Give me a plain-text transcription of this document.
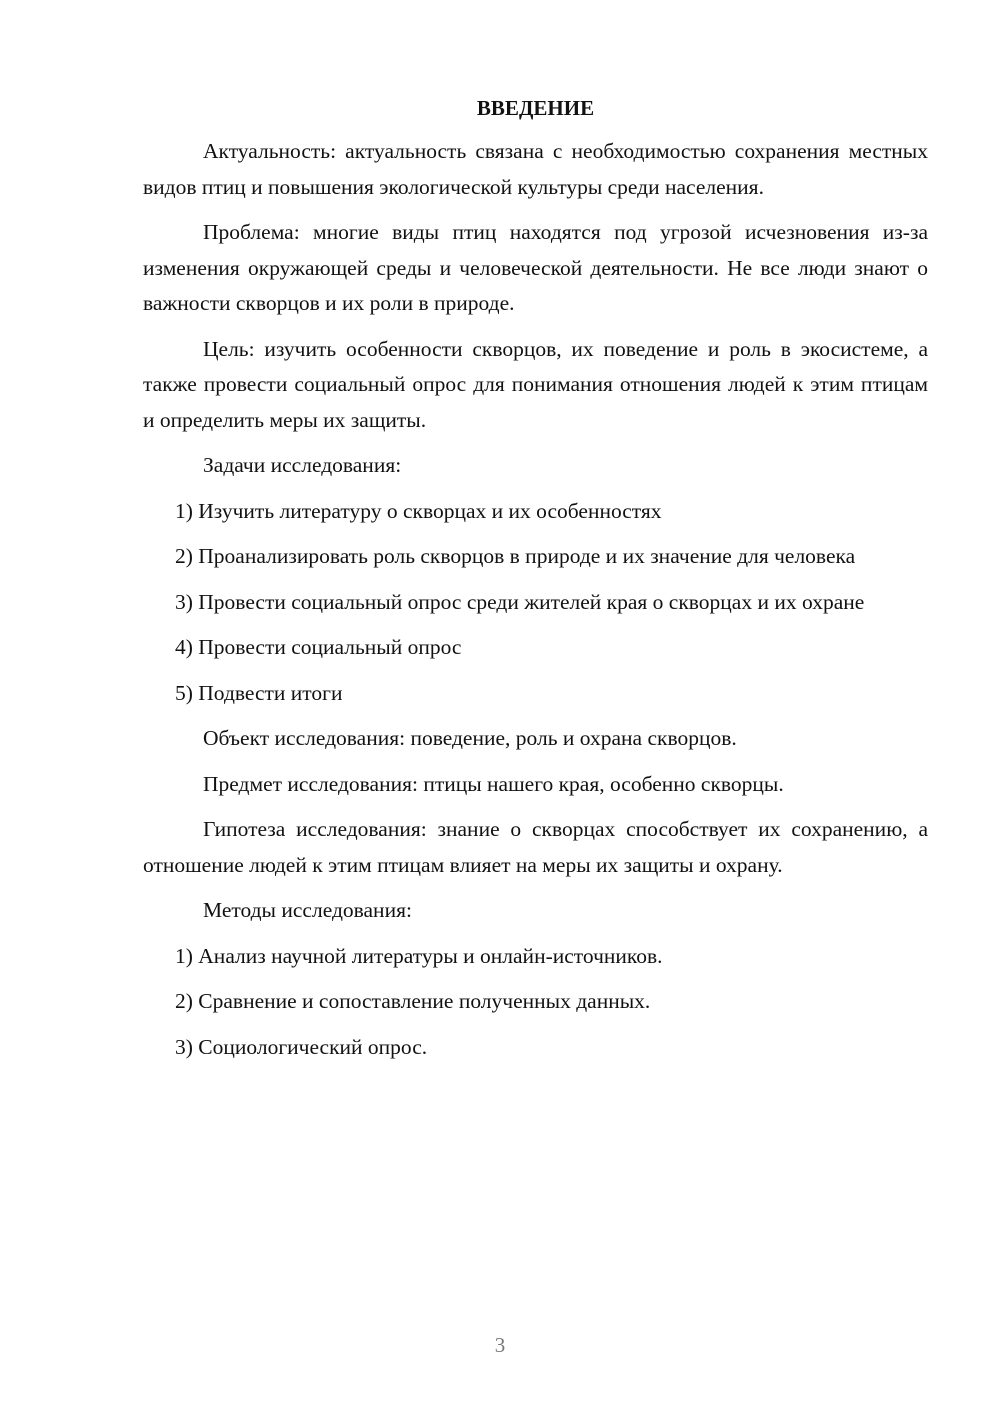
ВВЕДЕНИЕ

Актуальность: актуальность связана с необходимостью сохранения местных видов птиц и повышения экологической культуры среди населения.

Проблема: многие виды птиц находятся под угрозой исчезновения из-за изменения окружающей среды и человеческой деятельности. Не все люди знают о важности скворцов и их роли в природе.

Цель: изучить особенности скворцов, их поведение и роль в экосистеме, а также провести социальный опрос для понимания отношения людей к этим птицам и определить меры их защиты.

Задачи исследования:

1) Изучить литературу о скворцах и их особенностях

2) Проанализировать роль скворцов в природе и их значение для человека

3) Провести социальный опрос среди жителей края о скворцах и их охране

4) Провести социальный опрос

5) Подвести итоги

Объект исследования: поведение, роль и охрана скворцов.

Предмет исследования: птицы нашего края, особенно скворцы.

Гипотеза исследования: знание о скворцах способствует их сохранению, а отношение людей к этим птицам влияет на меры их защиты и охрану.

Методы исследования:

1) Анализ научной литературы и онлайн-источников.

2) Сравнение и сопоставление полученных данных.

3) Социологический опрос.

3
